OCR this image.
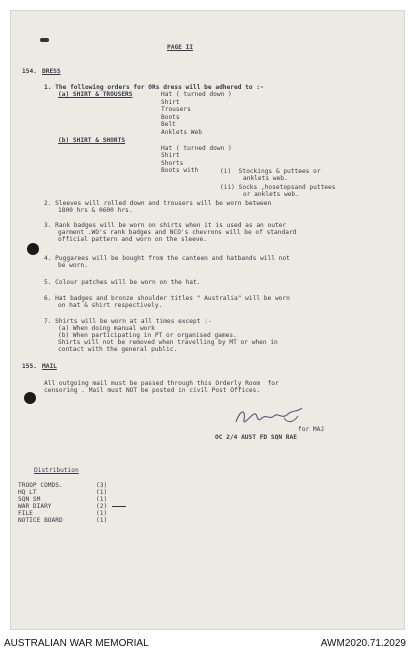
PAGE II
154. DRESS
1. The following orders for ORs dress will be adhered to :-
(a) SHIRT & TROUSERS	Hat ( turned down )
Shirt
Trousers
Boots
Belt
Anklets Web
(b) SHIRT & SHORTS
Hat ( turned down )
Shirt
Shorts
Boots with	(i)  Stockings & puttees or
anklets web.
(ii) Socks ,hosetopsand puttees
or anklets web.
2. Sleeves will rolled down and trousers will be worn between
1800 hrs & 0600 hrs.
3. Rank badges will be worn on shirts when it is used as an outer
garment .WO's rank badges and NCO's chevrons will be of standard
official pattern and worn on the sleeve.
4. Puggarees will be bought from the canteen and hatbands will not
be worn.
5. Colour patches will be worn on the hat.
6. Hat badges and bronze shoulder titles " Australia" will be worn
on hat & shirt respectively.
7. Shirts will be worn at all times except :-
(a) When doing manual work
(b) When participating in PT or organised games.
Shirts will not be removed when travelling by MT or when in
contact with the general public.
155. MAIL
All outgoing mail must be passed through this Orderly Room  for
censoring . Mail must NOT be posted in civil Post Offices.
for MAJ
OC 2/4 AUST FD SQN RAE
Distribution
TROOP COMDS.	(3)
HQ LT	(1)
SQN SM	(1)
WAR DIARY	(2)
FILE	(1)
NOTICE BOARD	(1)
AUSTRALIAN WAR MEMORIAL	AWM2020.71.2029
